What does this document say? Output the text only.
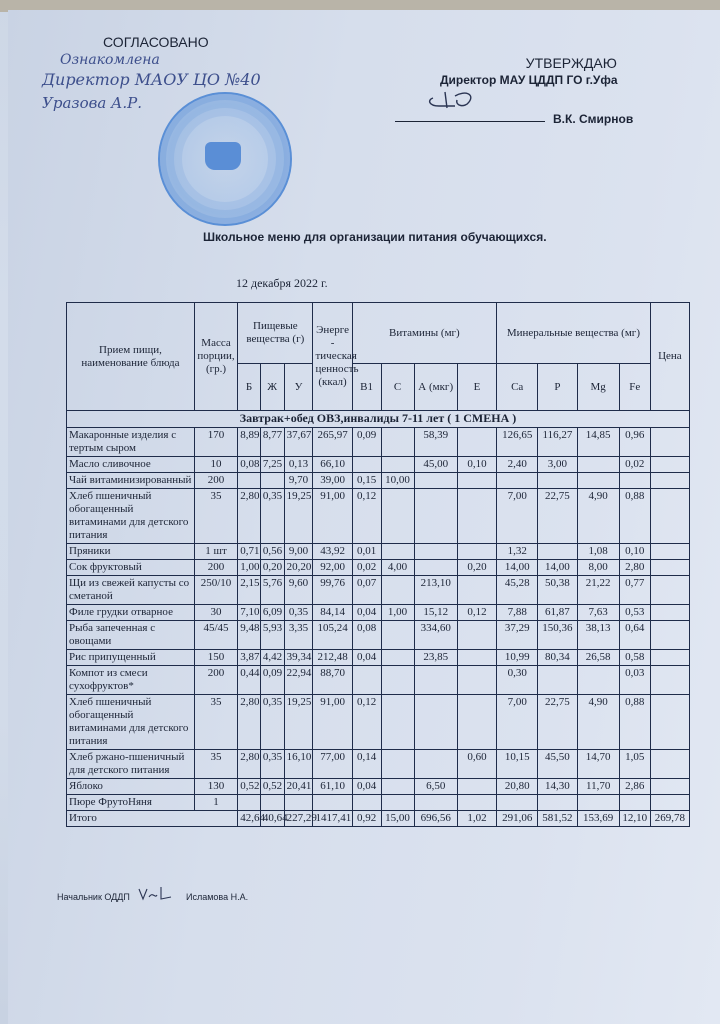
СОГЛАСОВАНО
Ознакомлена
Директор МАОУ ЦО №40
Уразова А.Р.
УТВЕРЖДАЮ
Директор МАУ ЦДДП ГО г.Уфа
В.К. Смирнов
Школьное меню для организации питания обучающихся.
12 декабря 2022 г.
Прием пищи, наименование блюда	Масса порции, (гр.)	Пищевые вещества (г)			Энерге - тическая ценность (ккал)	Витамины (мг)				Минеральные вещества (мг)				Цена
		Б	Ж	У		B1	C	А (мкг)	Е	Ca	P	Mg	Fe	
Завтрак+обед ОВЗ,инвалиды 7-11 лет ( 1 СМЕНА )														
Макаронные изделия с тертым сыром	170	8,89	8,77	37,67	265,97	0,09		58,39		126,65	116,27	14,85	0,96	
Масло сливочное	10	0,08	7,25	0,13	66,10			45,00	0,10	2,40	3,00		0,02	
Чай витаминизированный	200			9,70	39,00	0,15	10,00							
Хлеб пшеничный обогащенный витаминами для детского питания	35	2,80	0,35	19,25	91,00	0,12				7,00	22,75	4,90	0,88	
Пряники	1 шт	0,71	0,56	9,00	43,92	0,01				1,32		1,08	0,10	
Сок фруктовый	200	1,00	0,20	20,20	92,00	0,02	4,00		0,20	14,00	14,00	8,00	2,80	
Щи из свежей капусты со сметаной	250/10	2,15	5,76	9,60	99,76	0,07		213,10		45,28	50,38	21,22	0,77	
Филе грудки отварное	30	7,10	6,09	0,35	84,14	0,04	1,00	15,12	0,12	7,88	61,87	7,63	0,53	
Рыба запеченная с овощами	45/45	9,48	5,93	3,35	105,24	0,08		334,60		37,29	150,36	38,13	0,64	
Рис припущенный	150	3,87	4,42	39,34	212,48	0,04		23,85		10,99	80,34	26,58	0,58	
Компот из смеси сухофруктов*	200	0,44	0,09	22,94	88,70					0,30			0,03	
Хлеб пшеничный обогащенный витаминами для детского питания	35	2,80	0,35	19,25	91,00	0,12				7,00	22,75	4,90	0,88	
Хлеб ржано-пшеничный для детского питания	35	2,80	0,35	16,10	77,00	0,14			0,60	10,15	45,50	14,70	1,05	
Яблоко	130	0,52	0,52	20,41	61,10	0,04		6,50		20,80	14,30	11,70	2,86	
Пюре ФрутоНяня	1													
Итого		42,64	40,64	227,29	1417,41	0,92	15,00	696,56	1,02	291,06	581,52	153,69	12,10	269,78
Начальник ОДДП	Исламова Н.А.
